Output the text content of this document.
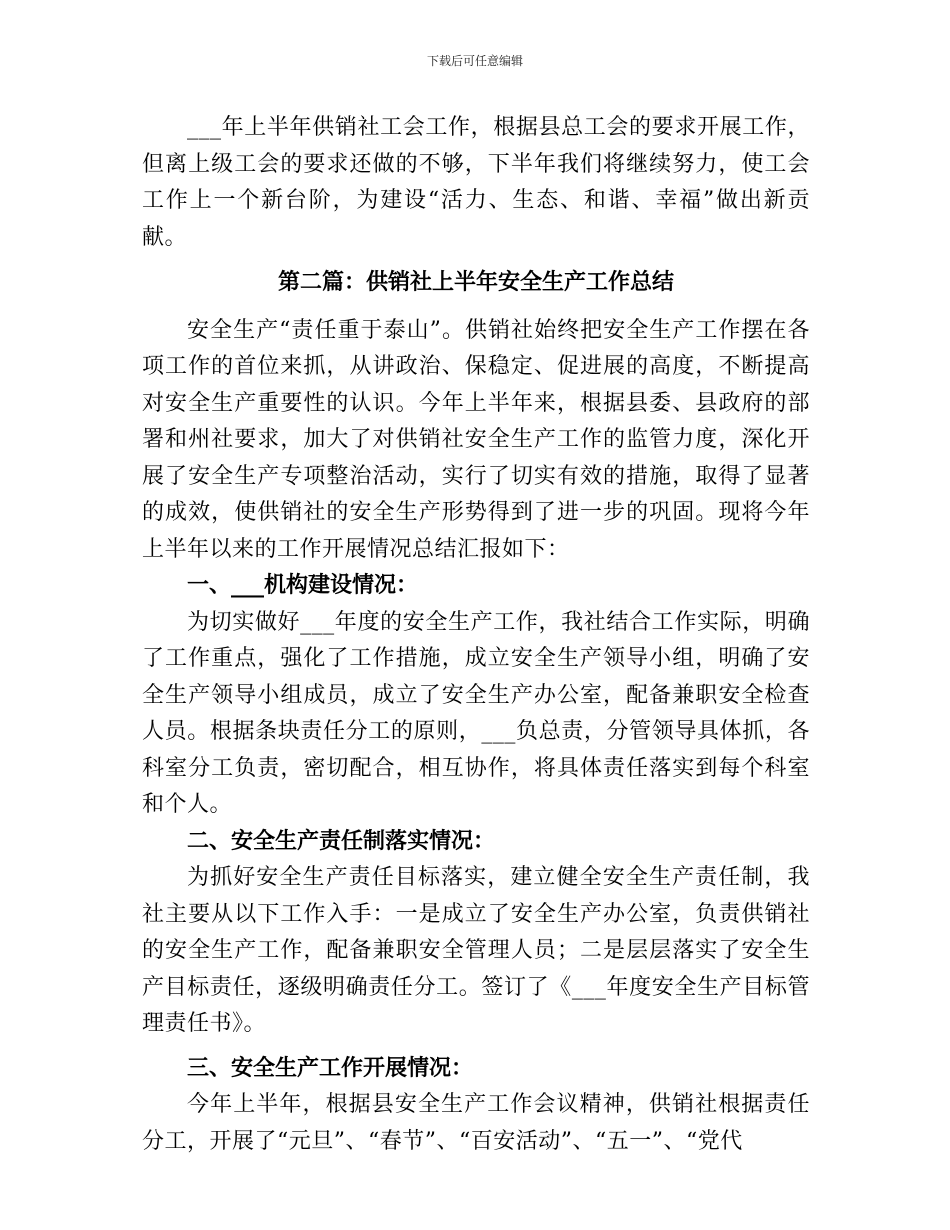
下载后可任意编辑

___年上半年供销社工会工作，根据县总工会的要求开展工作，但离上级工会的要求还做的不够，下半年我们将继续努力，使工会工作上一个新台阶，为建设“活力、生态、和谐、幸福”做出新贡献。

第二篇：供销社上半年安全生产工作总结

安全生产“责任重于泰山”。供销社始终把安全生产工作摆在各项工作的首位来抓，从讲政治、保稳定、促进展的高度，不断提高对安全生产重要性的认识。今年上半年来，根据县委、县政府的部署和州社要求，加大了对供销社安全生产工作的监管力度，深化开展了安全生产专项整治活动，实行了切实有效的措施，取得了显著的成效，使供销社的安全生产形势得到了进一步的巩固。现将今年上半年以来的工作开展情况总结汇报如下：

一、___机构建设情况：

为切实做好___年度的安全生产工作，我社结合工作实际，明确了工作重点，强化了工作措施，成立安全生产领导小组，明确了安全生产领导小组成员，成立了安全生产办公室，配备兼职安全检查人员。根据条块责任分工的原则，___负总责，分管领导具体抓，各科室分工负责，密切配合，相互协作，将具体责任落实到每个科室和个人。

二、安全生产责任制落实情况：

为抓好安全生产责任目标落实，建立健全安全生产责任制，我社主要从以下工作入手：一是成立了安全生产办公室，负责供销社的安全生产工作，配备兼职安全管理人员；二是层层落实了安全生产目标责任，逐级明确责任分工。签订了《___年度安全生产目标管理责任书》。

三、安全生产工作开展情况：

今年上半年，根据县安全生产工作会议精神，供销社根据责任分工，开展了“元旦”、“春节”、“百安活动”、“五一”、“党代
